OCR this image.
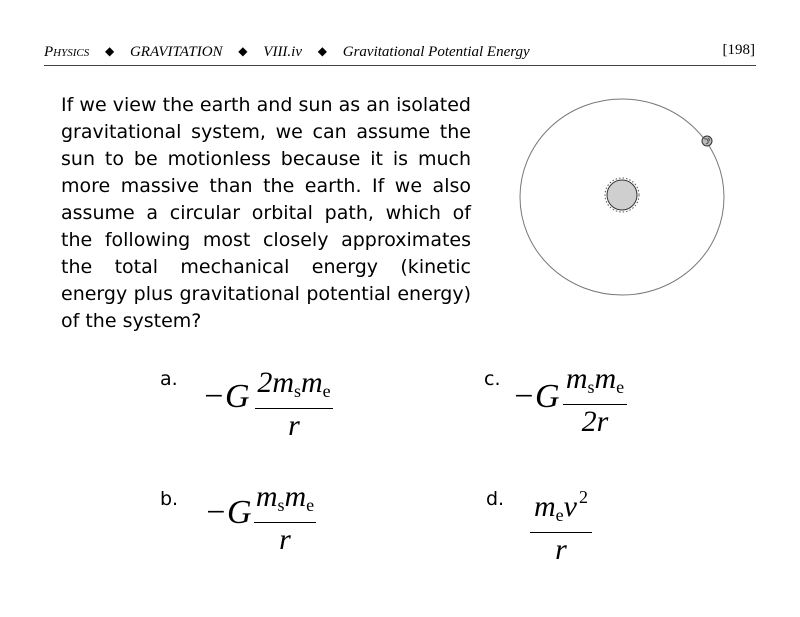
Physics ◆ GRAVITATION ◆ VIII.iv ◆ Gravitational Potential Energy	[198]
If we view the earth and sun as an isolated gravitational system, we can assume the sun to be motionless because it is much more massive than the earth. If we also assume a circular orbital path, which of the following most closely approximates the total mechanical energy (kinetic energy plus gravitational potential energy) of the system?
a. −G $2m_sm_e$
r
c. −G $m_sm_e$
2r
b. −G $m_sm_e$
r
d. $m_ev$ $^2$
r
